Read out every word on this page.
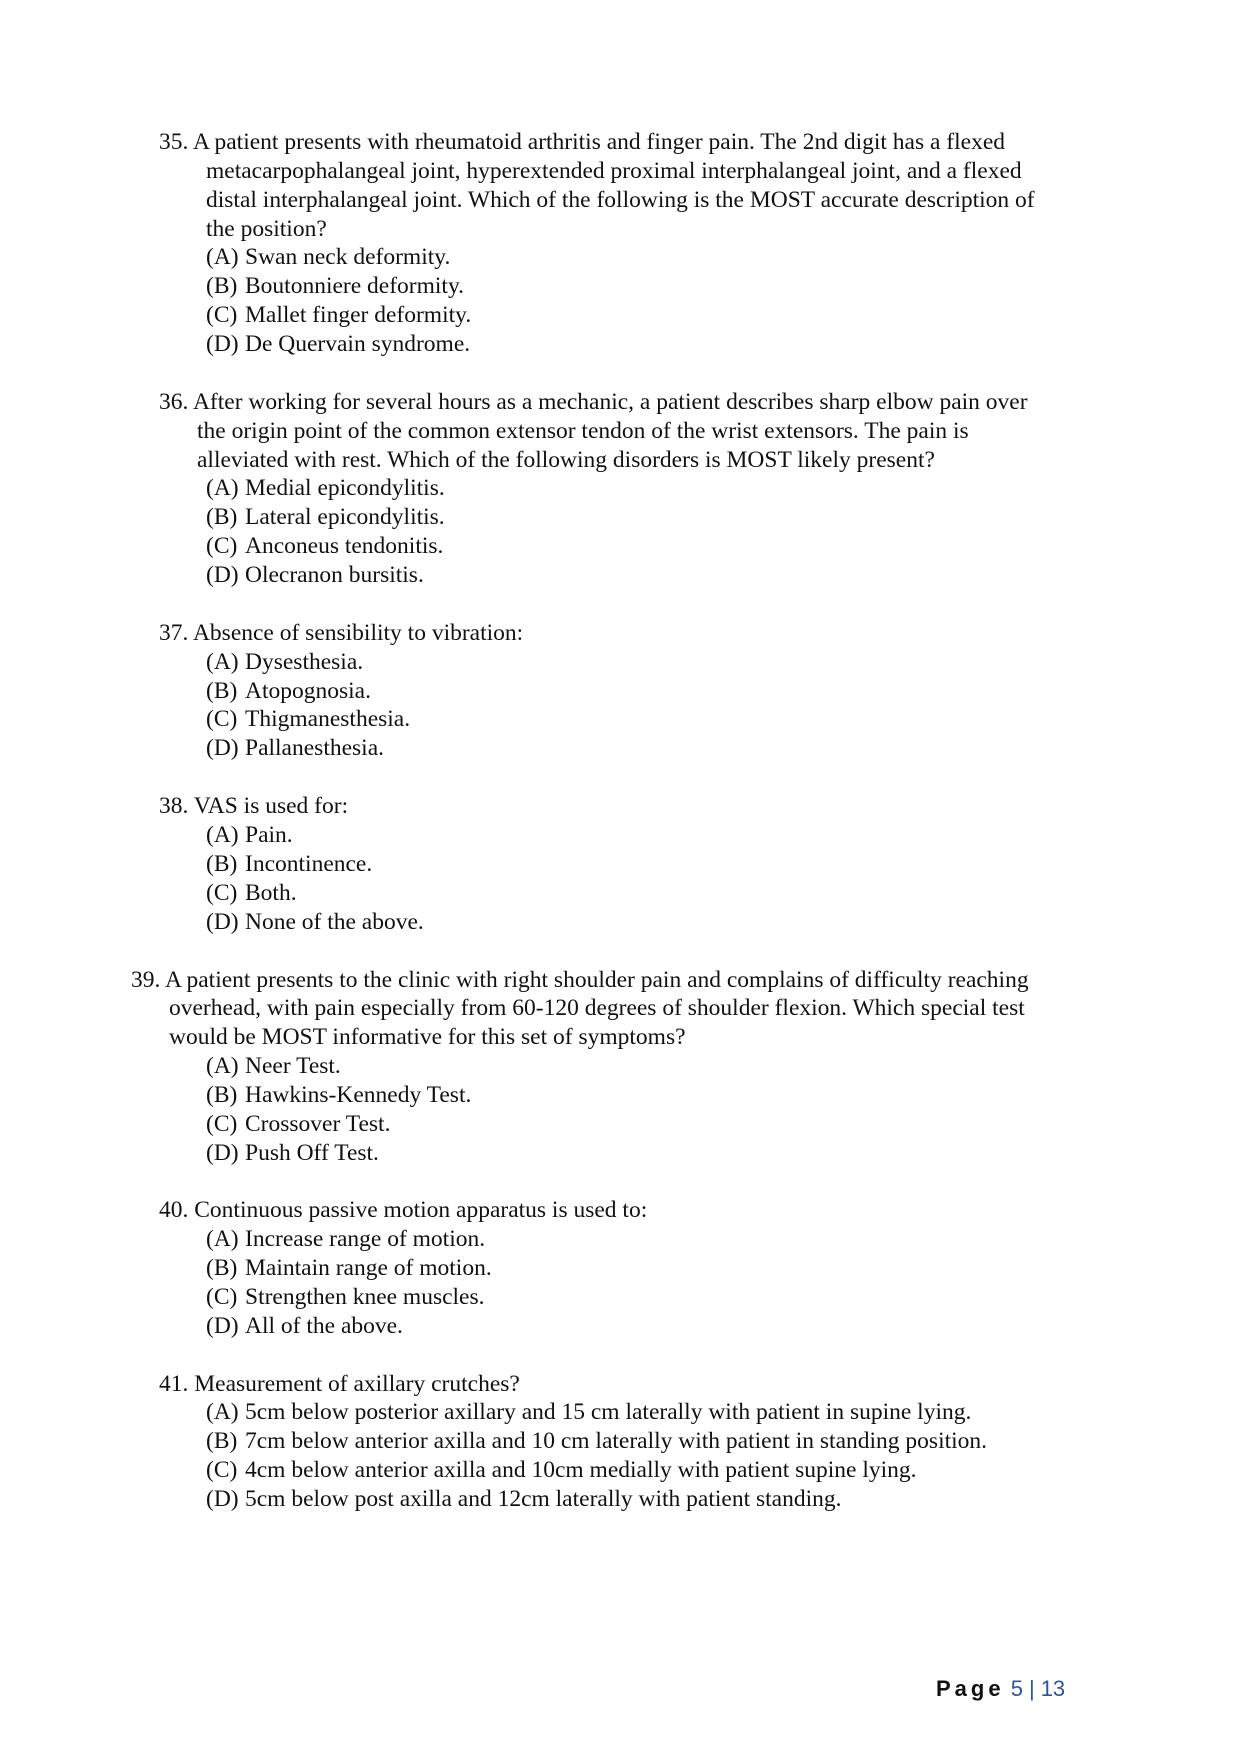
35. A patient presents with rheumatoid arthritis and finger pain. The 2nd digit has a flexed
metacarpophalangeal joint, hyperextended proximal interphalangeal joint, and a flexed
distal interphalangeal joint. Which of the following is the MOST accurate description of
the position?
(A) Swan neck deformity.
(B) Boutonniere deformity.
(C) Mallet finger deformity.
(D) De Quervain syndrome.
36. After working for several hours as a mechanic, a patient describes sharp elbow pain over
the origin point of the common extensor tendon of the wrist extensors. The pain is
alleviated with rest. Which of the following disorders is MOST likely present?
(A) Medial epicondylitis.
(B) Lateral epicondylitis.
(C) Anconeus tendonitis.
(D) Olecranon bursitis.
37. Absence of sensibility to vibration:
(A) Dysesthesia.
(B) Atopognosia.
(C) Thigmanesthesia.
(D) Pallanesthesia.
38. VAS is used for:
(A) Pain.
(B) Incontinence.
(C) Both.
(D) None of the above.
39. A patient presents to the clinic with right shoulder pain and complains of difficulty reaching
overhead, with pain especially from 60-120 degrees of shoulder flexion. Which special test
would be MOST informative for this set of symptoms?
(A) Neer Test.
(B) Hawkins-Kennedy Test.
(C) Crossover Test.
(D) Push Off Test.
40. Continuous passive motion apparatus is used to:
(A) Increase range of motion.
(B) Maintain range of motion.
(C) Strengthen knee muscles.
(D) All of the above.
41. Measurement of axillary crutches?
(A) 5cm below posterior axillary and 15 cm laterally with patient in supine lying.
(B) 7cm below anterior axilla and 10 cm laterally with patient in standing position.
(C) 4cm below anterior axilla and 10cm medially with patient supine lying.
(D) 5cm below post axilla and 12cm laterally with patient standing.
Page 5 | 13
